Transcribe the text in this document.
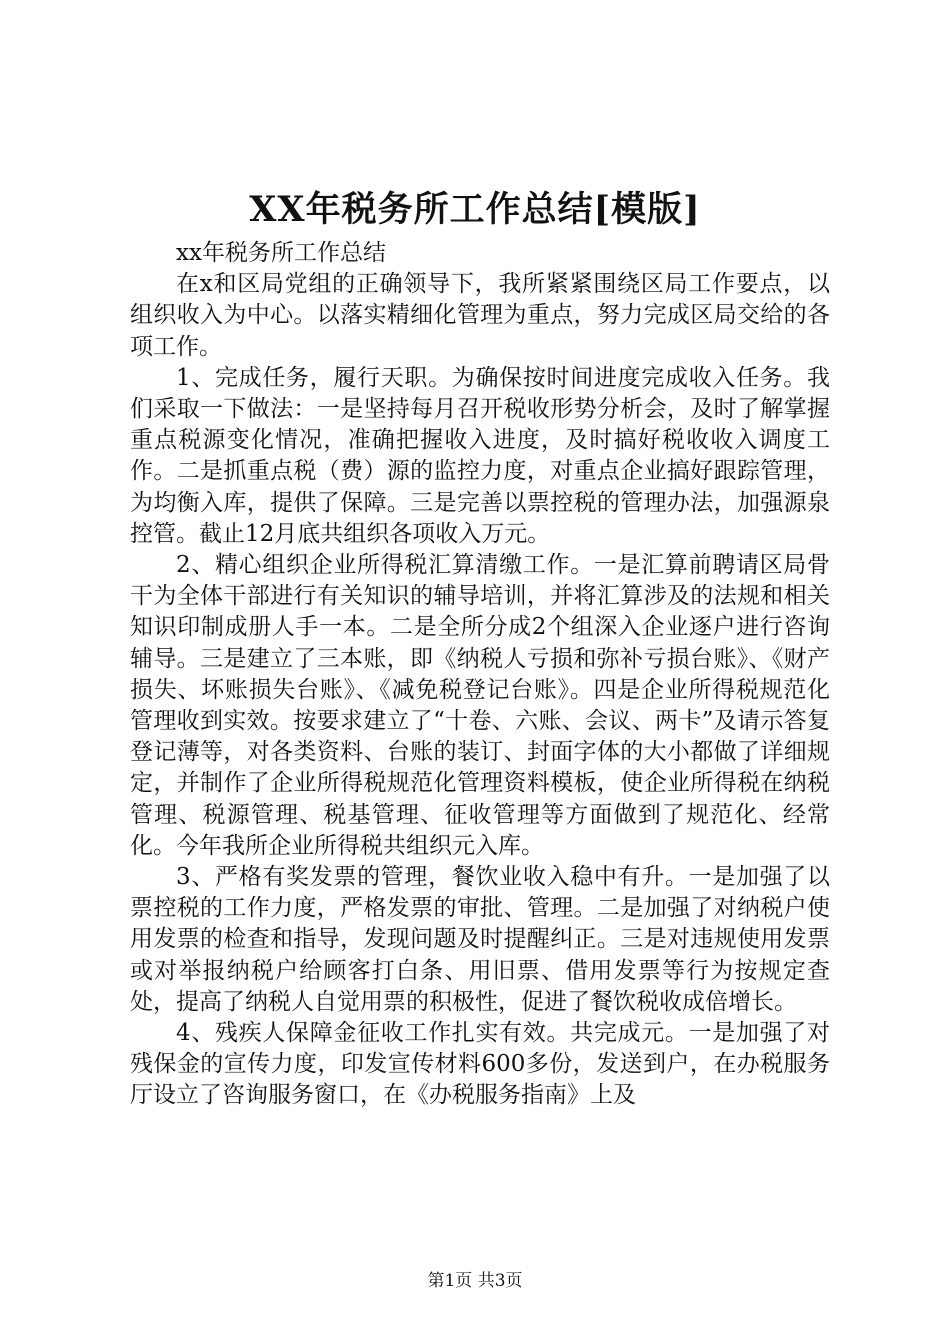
XX年税务所工作总结[模版]

xx年税务所工作总结

在x和区局党组的正确领导下，我所紧紧围绕区局工作要点，以组织收入为中心。以落实精细化管理为重点，努力完成区局交给的各项工作。

1、完成任务，履行天职。为确保按时间进度完成收入任务。我们采取一下做法：一是坚持每月召开税收形势分析会，及时了解掌握重点税源变化情况，准确把握收入进度，及时搞好税收收入调度工作。二是抓重点税（费）源的监控力度，对重点企业搞好跟踪管理，为均衡入库，提供了保障。三是完善以票控税的管理办法，加强源泉控管。截止12月底共组织各项收入万元。

2、精心组织企业所得税汇算清缴工作。一是汇算前聘请区局骨干为全体干部进行有关知识的辅导培训，并将汇算涉及的法规和相关知识印制成册人手一本。二是全所分成2个组深入企业逐户进行咨询辅导。三是建立了三本账，即《纳税人亏损和弥补亏损台账》、《财产损失、坏账损失台账》、《减免税登记台账》。四是企业所得税规范化管理收到实效。按要求建立了“十卷、六账、会议、两卡”及请示答复登记薄等，对各类资料、台账的装订、封面字体的大小都做了详细规定，并制作了企业所得税规范化管理资料模板，使企业所得税在纳税管理、税源管理、税基管理、征收管理等方面做到了规范化、经常化。今年我所企业所得税共组织元入库。

3、严格有奖发票的管理，餐饮业收入稳中有升。一是加强了以票控税的工作力度，严格发票的审批、管理。二是加强了对纳税户使用发票的检查和指导，发现问题及时提醒纠正。三是对违规使用发票或对举报纳税户给顾客打白条、用旧票、借用发票等行为按规定查处，提高了纳税人自觉用票的积极性，促进了餐饮税收成倍增长。

4、残疾人保障金征收工作扎实有效。共完成元。一是加强了对残保金的宣传力度，印发宣传材料600多份，发送到户，在办税服务厅设立了咨询服务窗口，在《办税服务指南》上及

第1页 共3页
